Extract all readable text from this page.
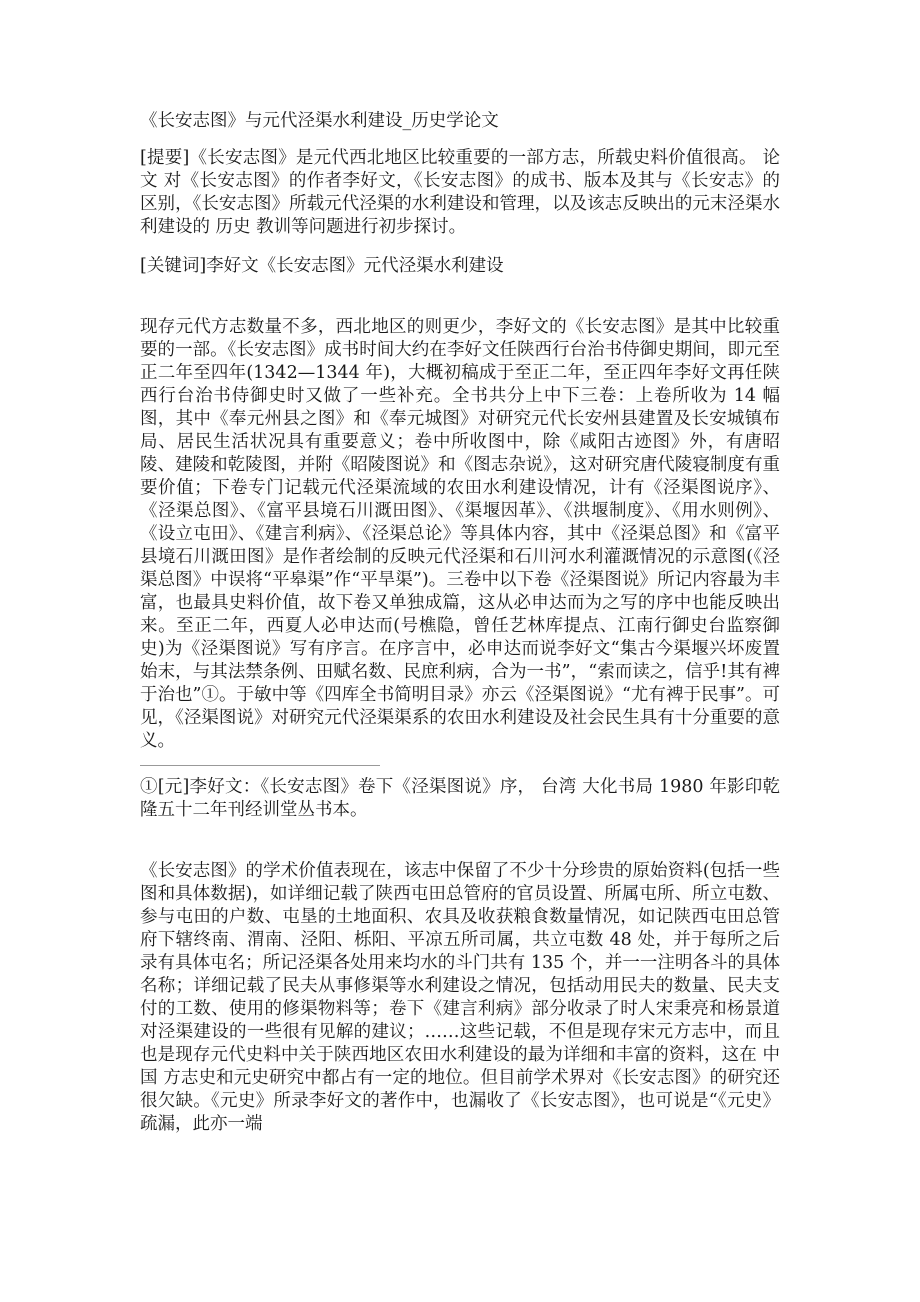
《长安志图》与元代泾渠水利建设_历史学论文

[提要]《长安志图》是元代西北地区比较重要的一部方志，所载史料价值很高。 论文 对《长安志图》的作者李好文，《长安志图》的成书、版本及其与《长安志》的区别，《长安志图》所载元代泾渠的水利建设和管理，以及该志反映出的元末泾渠水利建设的 历史 教训等问题进行初步探讨。

[关键词]李好文《长安志图》元代泾渠水利建设

现存元代方志数量不多，西北地区的则更少，李好文的《长安志图》是其中比较重要的一部。《长安志图》成书时间大约在李好文任陕西行台治书侍御史期间，即元至正二年至四年(1342—1344 年)，大概初稿成于至正二年，至正四年李好文再任陕西行台治书侍御史时又做了一些补充。全书共分上中下三卷：上卷所收为 14 幅图，其中《奉元州县之图》和《奉元城图》对研究元代长安州县建置及长安城镇布局、居民生活状况具有重要意义；卷中所收图中，除《咸阳古迹图》外，有唐昭陵、建陵和乾陵图，并附《昭陵图说》和《图志杂说》，这对研究唐代陵寝制度有重要价值；下卷专门记载元代泾渠流域的农田水利建设情况，计有《泾渠图说序》、《泾渠总图》、《富平县境石川溉田图》、《渠堰因革》、《洪堰制度》、《用水则例》、《设立屯田》、《建言利病》、《泾渠总论》等具体内容，其中《泾渠总图》和《富平县境石川溉田图》是作者绘制的反映元代泾渠和石川河水利灌溉情况的示意图(《泾渠总图》中误将“平皋渠”作“平旱渠”)。三卷中以下卷《泾渠图说》所记内容最为丰富，也最具史料价值，故下卷又单独成篇，这从必申达而为之写的序中也能反映出来。至正二年，西夏人必申达而(号樵隐，曾任艺林库提点、江南行御史台监察御史)为《泾渠图说》写有序言。在序言中，必申达而说李好文“集古今渠堰兴坏废置始末，与其法禁条例、田赋名数、民庶利病，合为一书”，“索而读之，信乎!其有裨于治也”①。于敏中等《四库全书简明目录》亦云《泾渠图说》“尤有裨于民事”。可见，《泾渠图说》对研究元代泾渠渠系的农田水利建设及社会民生具有十分重要的意义。

①[元]李好文：《长安志图》卷下《泾渠图说》序， 台湾 大化书局 1980 年影印乾隆五十二年刊经训堂丛书本。

《长安志图》的学术价值表现在，该志中保留了不少十分珍贵的原始资料(包括一些图和具体数据)，如详细记载了陕西屯田总管府的官员设置、所属屯所、所立屯数、参与屯田的户数、屯垦的土地面积、农具及收获粮食数量情况，如记陕西屯田总管府下辖终南、渭南、泾阳、栎阳、平凉五所司属，共立屯数 48 处，并于每所之后录有具体屯名；所记泾渠各处用来均水的斗门共有 135 个，并一一注明各斗的具体名称；详细记载了民夫从事修渠等水利建设之情况，包括动用民夫的数量、民夫支付的工数、使用的修渠物料等；卷下《建言利病》部分收录了时人宋秉亮和杨景道对泾渠建设的一些很有见解的建议；……这些记载，不但是现存宋元方志中，而且也是现存元代史料中关于陕西地区农田水利建设的最为详细和丰富的资料，这在 中国 方志史和元史研究中都占有一定的地位。但目前学术界对《长安志图》的研究还很欠缺。《元史》所录李好文的著作中，也漏收了《长安志图》，也可说是“《元史》疏漏，此亦一端
